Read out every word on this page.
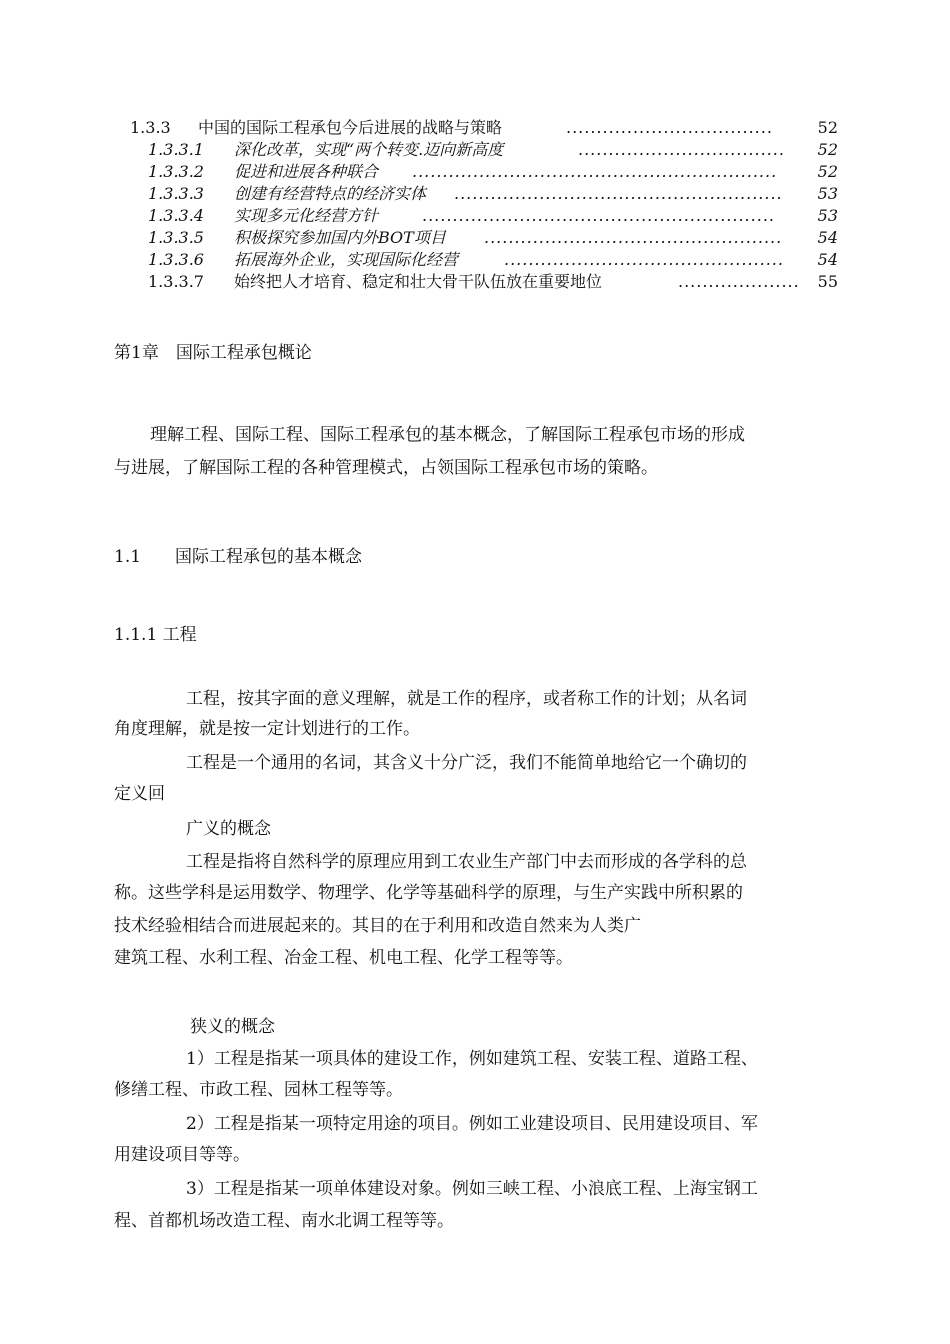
1.3.3 中国的国际工程承包今后进展的战略与策略	..................................	52
1.3.3.1 深化改革，实现“两个转变.迈向新高度	..................................	52
1.3.3.2 促进和进展各种联合	............................................................	52
1.3.3.3 创建有经营特点的经济实体	......................................................	53
1.3.3.4 实现多元化经营方针	..........................................................	53
1.3.3.5 积极探究参加国内外BOT项目	.................................................	54
1.3.3.6 拓展海外企业，实现国际化经营	..............................................	54
1.3.3.7 始终把人才培育、稳定和壮大骨干队伍放在重要地位	....................	55
第1章　国际工程承包概论
理解工程、国际工程、国际工程承包的基本概念，了解国际工程承包市场的形成
与进展，了解国际工程的各种管理模式，占领国际工程承包市场的策略。
1.1　　国际工程承包的基本概念
1.1.1 工程
工程，按其字面的意义理解，就是工作的程序，或者称工作的计划；从名词
角度理解，就是按一定计划进行的工作。
工程是一个通用的名词，其含义十分广泛，我们不能简单地给它一个确切的
定义回
广义的概念
工程是指将自然科学的原理应用到工农业生产部门中去而形成的各学科的总
称。这些学科是运用数学、物理学、化学等基础科学的原理，与生产实践中所积累的
技术经验相结合而进展起来的。其目的在于利用和改造自然来为人类广
建筑工程、水利工程、冶金工程、机电工程、化学工程等等。
狭义的概念
1）工程是指某一项具体的建设工作，例如建筑工程、安装工程、道路工程、
修缮工程、市政工程、园林工程等等。
2）工程是指某一项特定用途的项目。例如工业建设项目、民用建设项目、军
用建设项目等等。
3）工程是指某一项单体建设对象。例如三峡工程、小浪底工程、上海宝钢工
程、首都机场改造工程、南水北调工程等等。
